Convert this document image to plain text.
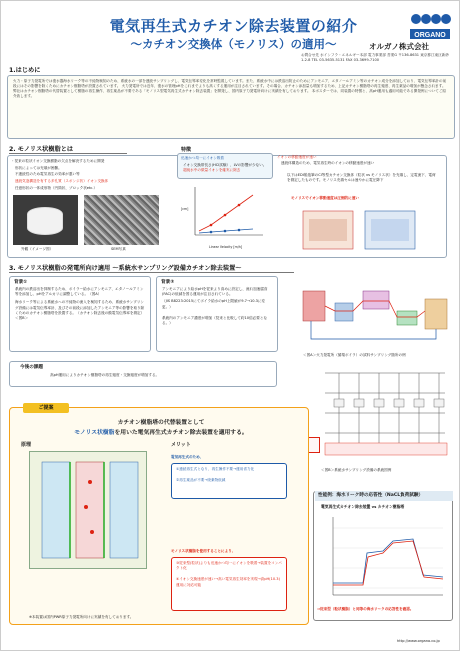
電気再生式カチオン除去装置の紹介
〜カチオン交換体（モノリス）の適用〜
ORGANO
オルガノ株式会社
お問合せ先 水インフラ・エネルギー本部 電力事業部 営業G 〒136-8631 東京都江東区新砂1-2-8 TEL 03-5635-5131 FAX 03-3699-7100
1.はじめに
火力・原子力発電所では復水器海水リーク等の不純物検知のため、系統水の一部を連続サンプリングし、電気伝導率変化を常時監視しています。また、系統水中には鉄溶出防止のためにアンモニア、エタノールアミン等のカチオン成分を添加しており、電気伝導率計の前段にはその影響を除くためにカチオン樹脂塔が設置されています。 火力発電所では近年、復水の管理pHをこれまでよりも高くする運用が注目されています。その場合、カチオン添加量も増加するため、上記カチオン樹脂塔の再生頻度、再生薬品の増加が懸念されます。 弊社はカチオン樹脂塔の代替装置として樹脂の再生操作、再生薬品が不要である「モノリス型電気再生式カチオン除去装置」を開発し、国内原子力発電所向けに実績を有しております。 本ポスターでは、同装置の特徴と、高pH運用も適用可能である開発例についてご紹介致します。
2. モノリス状樹脂とは
・従来の粒状イオン交換樹脂の欠点を解決するために開発
形状によっては充填が困難。
不連続性のため電気再生の効率が悪い等
連続気泡構造を有する多孔質（スポンジ状）イオン交換体
任意形状の一体成形物（円筒状、ブロック状etc.）
外観（イメージ図）	SEM写真
特徴
迅速かつ均一にイオン吸着
イオン交換帯長さ(HCl試験）、LVの影響が少ない。
超純水中の微量イオンを確実に除去
Linear Velocity [m/h]
[cm]
イオンの移動速度が速い
連続体構造のため、電気再生時のイオンの移動速度が速い
以下はEDI脱塩筆のCl等型カチオン交換体（粒状 vs モノリス状）を充填し、定電流下、電荷を測定したものです。モノリス充填セルは速やかに電圧降下
モノリスでイオン移動速度は圧倒的に速い
3. モノリス状樹脂の発電所向け適用 〜系統水サンプリング設備カチオン除去装置〜
背景①
系統内の鉄溶出を抑制するため、ボイラー給水にアンモニア、エタノールアミン等を添加し、pHをアルカリに調整している。（図A）
海水リーク等による系統水への不純物の流入を検知するため、系統水サンプリング設備には電気伝導率計、及びその前段に添加したアンモニア等の影響を取り除くためのカチオン樹脂塔を設置する。（カチオン除去後の酸電気伝導率を測定）＜図B＞
背景②
アンモニアにより給水pHを従来より高めに設定し、流れ加速腐食(FAC)の低減を図る運用が注目されている。
（JIS B8223:2015にてボイラ給水のpH上限値が9.7→10.3に変更。）
系統内のアンモニア濃度が増加（従来と比較して約10倍必要となる。）
今後の課題
高pH運用によりカチオン樹脂塔の再生頻度・交換頻度が増加する。
＜図A＞火力発電所（循環ボイラ）の試料サンプリング箇所の例
＜図B＞系統水サンプリング設備の系統図例
ご提案
カチオン樹脂塔の代替装置として
モノリス状樹脂を用いた電気再生式カチオン除去装置を適用する。
原理	メリット
電気再生式のため、
①連続再生式となり、再生操作不要→運用省力化
②再生薬品が不要→廃棄物低減
モノリス状樹脂を使用することにより、
③従来型(粒状)よりも迅速かつ均一にイオンを吸着→装置をコンパクト化
④イオン交換速度が速い→高い電気再生効率を実現→高pH(10.3)運用に対応可能
※本装置は国内PWR原子力発電所向けに実績を有しております。
性能例：海水リーク時の応答性（NaCL負荷試験）
電気再生式カチオン除去装置 vs カチオン樹脂塔
⇒従来型（粒状樹脂）と同等の海水リークの応答性を確認。
http://www.organo.co.jp
